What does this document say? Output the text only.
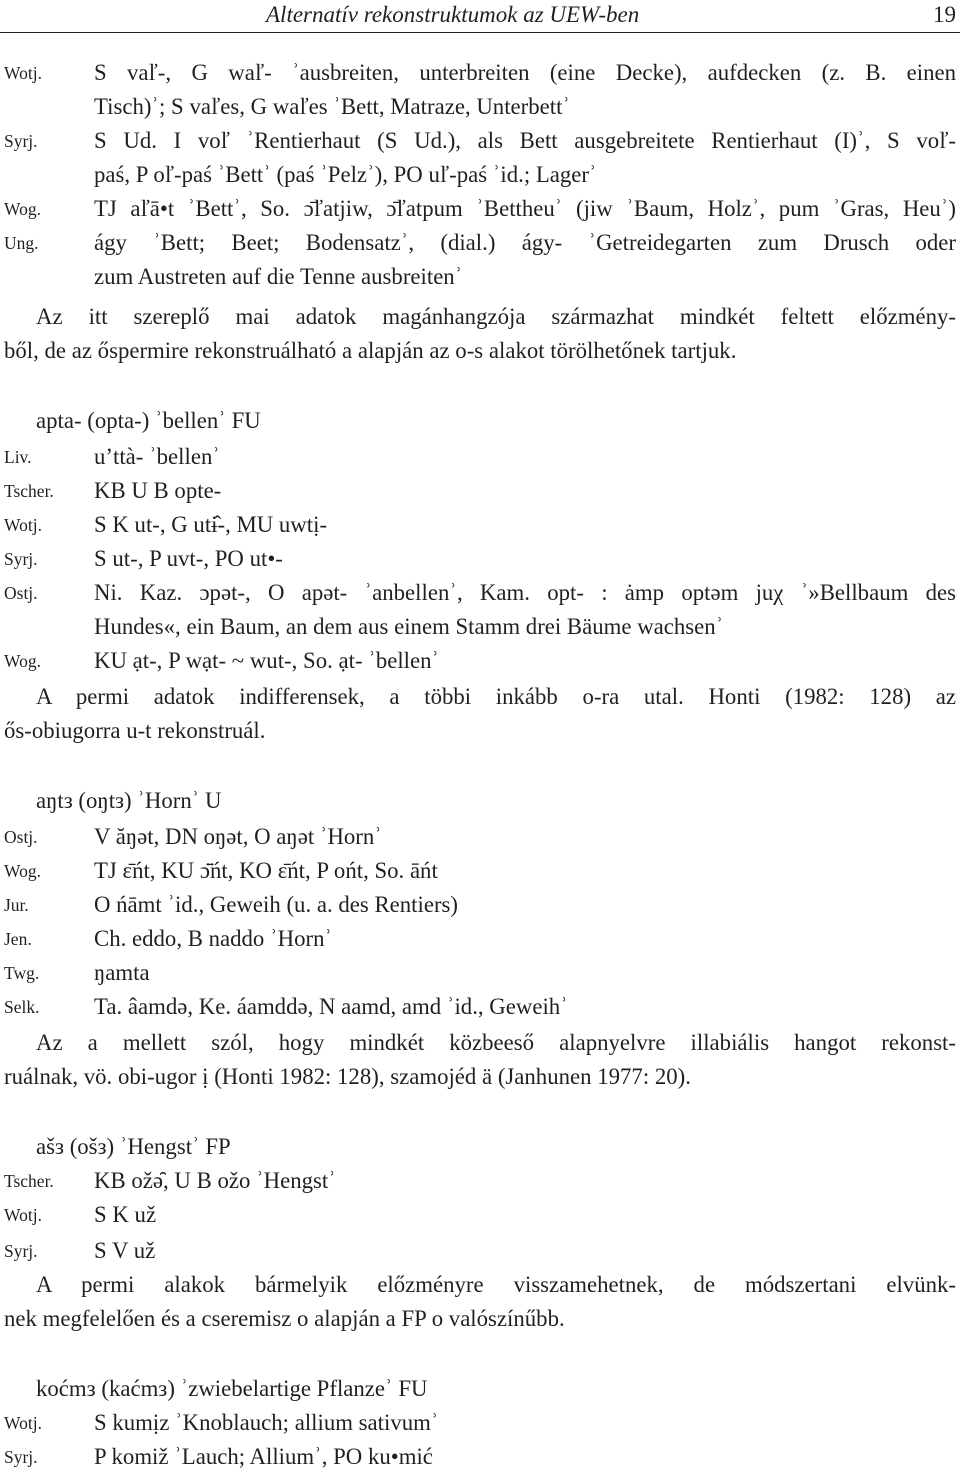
Alternatív rekonstruktumok az UEW-ben	19
Wotj. S vaľ-, G waľ- ʾausbreiten, unterbreiten (eine Decke), aufdecken (z. B. einen
Tisch)ʾ; S vaľes, G waľes ʾBett, Matraze, Unterbettʾ
Syrj. S Ud. I voľ ʾRentierhaut (S Ud.), als Bett ausgebreitete Rentierhaut (I)ʾ, S voľ-
paś, P oľ-paś ʾBettʾ (paś ʾPelzʾ), PO uľ-paś ʾid.; Lagerʾ
Wog. TJ aľā•t ʾBettʾ, So. ɔ̄ľatjiw, ɔ̄ľatpum ʾBettheuʾ (jiw ʾBaum, Holzʾ, pum ʾGras, Heuʾ)
Ung. ágy ʾBett; Beet; Bodensatzʾ, (dial.) ágy- ʾGetreidegarten zum Drusch oder
zum Austreten auf die Tenne ausbreitenʾ
Az itt szereplő mai adatok magánhangzója származhat mindkét feltett előzmény-
ből, de az őspermire rekonstruálható a alapján az o-s alakot törölhetőnek tartjuk.
apta- (opta-) ʾbellenʾ FU
Liv.	uʼttà- ʾbellenʾ
Tscher. KB U B opte-
Wotj. S K ut-, G utɨ̂-, MU uwtị-
Syrj. S ut-, P uvt-, PO ut•-
Ostj. Ni. Kaz. ɔpət-, O apət- ʾanbellenʾ, Kam. opt- : ȧmp optəm juχ ʾ»Bellbaum des
Hundes«, ein Baum, an dem aus einem Stamm drei Bäume wachsenʾ
Wog. KU ạt-, P wạt- ~ wut-, So. ạt- ʾbellenʾ
A permi adatok indifferensek, a többi inkább o-ra utal. Honti (1982: 128) az
ős-obiugorra u-t rekonstruál.
aŋtз (oŋtз) ʾHornʾ U
Ostj. V ăŋət, DN oŋət, O aŋət ʾHornʾ
Wog. TJ ɛ̄ńt, KU ɔ̄̈ńt, KO ɛ̄ńt, P ońt, So. āńt
Jur.	O ńāmt ʾid., Geweih (u. a. des Rentiers)
Jen.	Ch. eddo, B naddo ʾHornʾ
Twg. ŋamta
Selk. Ta. âamdə, Ke. áamddə, N aamd, amd ʾid., Geweihʾ
Az a mellett szól, hogy mindkét közbeeső alapnyelvre illabiális hangot rekonst-
ruálnak, vö. obi-ugor ị (Honti 1982: 128), szamojéd ä (Janhunen 1977: 20).
ašз (ošз) ʾHengstʾ FP
Tscher. KB ožə̑, U B ožo ʾHengstʾ
Wotj. S K už
Syrj. S V už
A permi alakok bármelyik előzményre visszamehetnek, de módszertani elvünk-
nek megfelelően és a cseremisz o alapján a FP o valószínűbb.
kоćmз (kaćmз) ʾzwiebelartige Pflanzeʾ FU
Wotj. S kumịz ʾKnoblauch; allium sativumʾ
Syrj. P komiž ʾLauch; Alliumʾ, PO ku•mić
